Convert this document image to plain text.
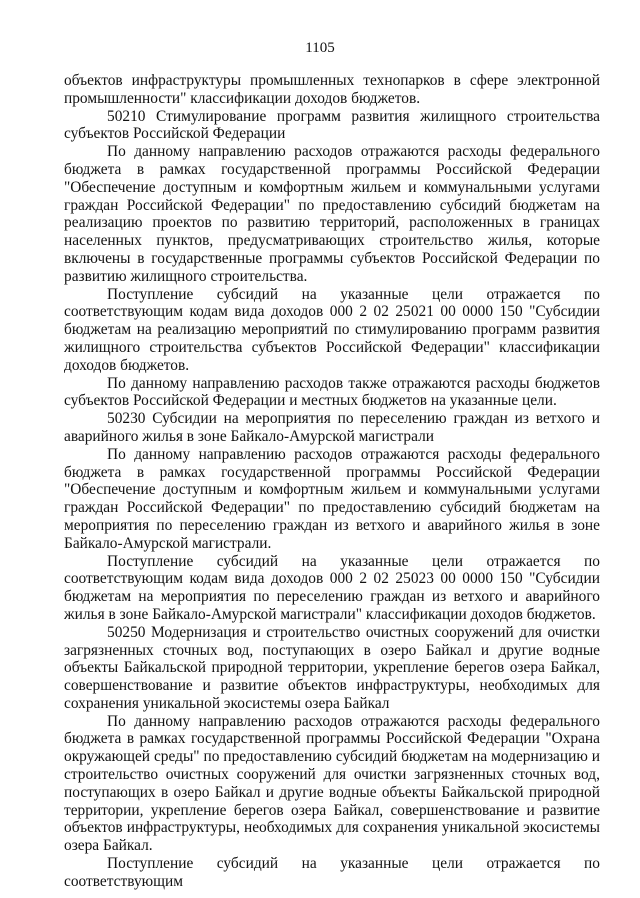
1105

объектов инфраструктуры промышленных технопарков в сфере электронной промышленности" классификации доходов бюджетов.

50210 Стимулирование программ развития жилищного строительства субъектов Российской Федерации

По данному направлению расходов отражаются расходы федерального бюджета в рамках государственной программы Российской Федерации "Обеспечение доступным и комфортным жильем и коммунальными услугами граждан Российской Федерации" по предоставлению субсидий бюджетам на реализацию проектов по развитию территорий, расположенных в границах населенных пунктов, предусматривающих строительство жилья, которые включены в государственные программы субъектов Российской Федерации по развитию жилищного строительства.

Поступление субсидий на указанные цели отражается по соответствующим кодам вида доходов 000 2 02 25021 00 0000 150 "Субсидии бюджетам на реализацию мероприятий по стимулированию программ развития жилищного строительства субъектов Российской Федерации" классификации доходов бюджетов.

По данному направлению расходов также отражаются расходы бюджетов субъектов Российской Федерации и местных бюджетов на указанные цели.

50230 Субсидии на мероприятия по переселению граждан из ветхого и аварийного жилья в зоне Байкало-Амурской магистрали

По данному направлению расходов отражаются расходы федерального бюджета в рамках государственной программы Российской Федерации "Обеспечение доступным и комфортным жильем и коммунальными услугами граждан Российской Федерации" по предоставлению субсидий бюджетам на мероприятия по переселению граждан из ветхого и аварийного жилья в зоне Байкало-Амурской магистрали.

Поступление субсидий на указанные цели отражается по соответствующим кодам вида доходов 000 2 02 25023 00 0000 150 "Субсидии бюджетам на мероприятия по переселению граждан из ветхого и аварийного жилья в зоне Байкало-Амурской магистрали" классификации доходов бюджетов.

50250 Модернизация и строительство очистных сооружений для очистки загрязненных сточных вод, поступающих в озеро Байкал и другие водные объекты Байкальской природной территории, укрепление берегов озера Байкал, совершенствование и развитие объектов инфраструктуры, необходимых для сохранения уникальной экосистемы озера Байкал

По данному направлению расходов отражаются расходы федерального бюджета в рамках государственной программы Российской Федерации "Охрана окружающей среды" по предоставлению субсидий бюджетам на модернизацию и строительство очистных сооружений для очистки загрязненных сточных вод, поступающих в озеро Байкал и другие водные объекты Байкальской природной территории, укрепление берегов озера Байкал, совершенствование и развитие объектов инфраструктуры, необходимых для сохранения уникальной экосистемы озера Байкал.

Поступление субсидий на указанные цели отражается по соответствующим
